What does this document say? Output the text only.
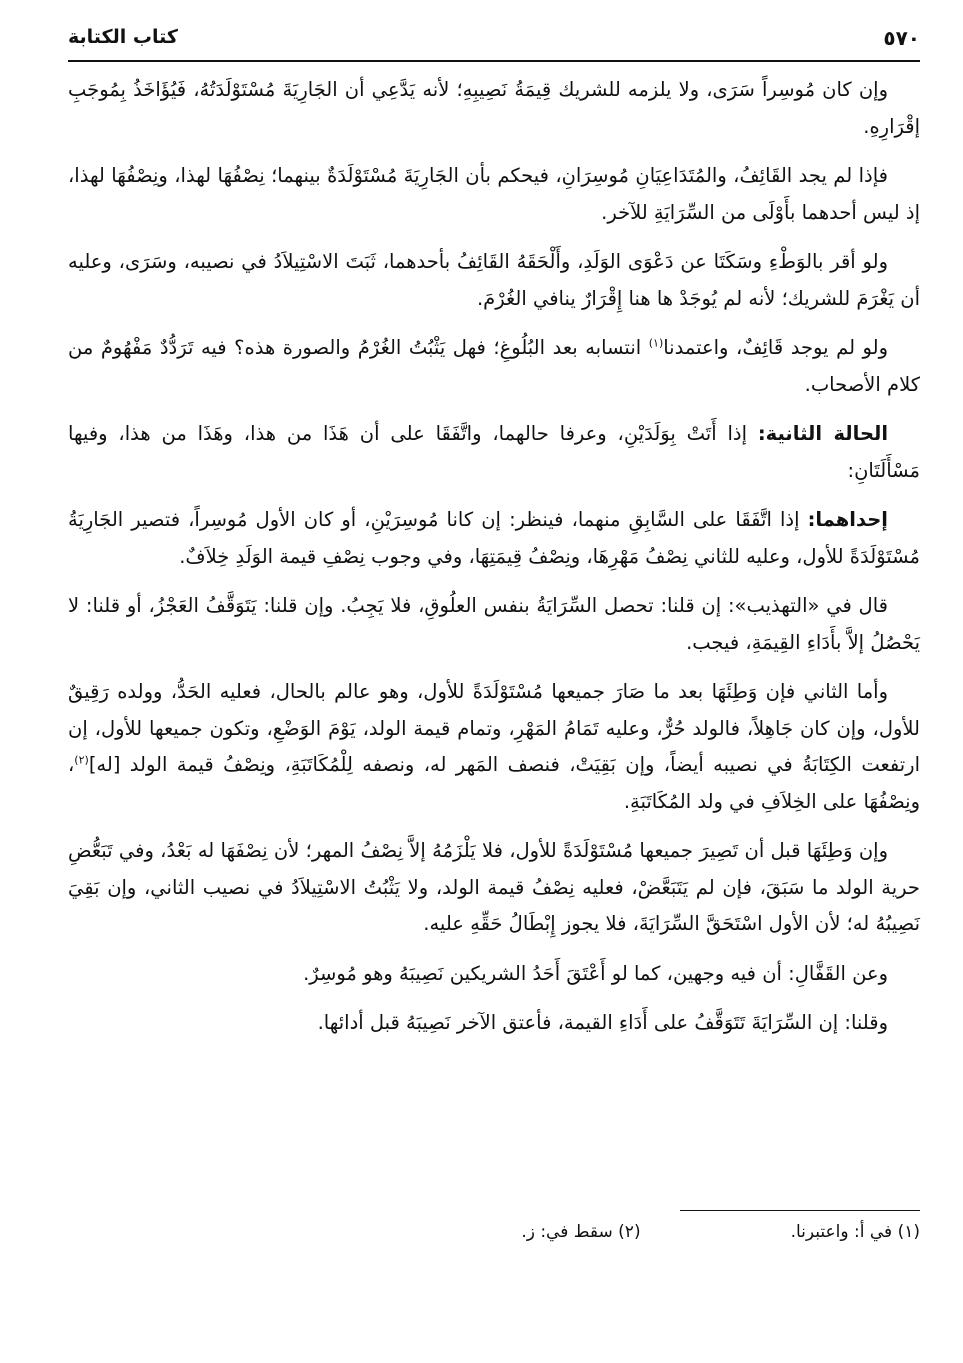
٥٧٠
كتاب الكتابة

وإن كان مُوسِراً سَرَى، ولا يلزمه للشريك قِيمَةُ نَصِيبِهِ؛ لأنه يَدَّعِي أن الجَارِيَةَ مُسْتَوْلَدَتُهُ، فَيُؤَاخَذُ بِمُوجَبِ إقْرَارِهِ.

فإذا لم يجد القَائِفُ، والمُتَدَاعِيَانِ مُوسِرَانِ، فيحكم بأن الجَارِيَةَ مُسْتَوْلَدَةٌ بينهما؛ نِصْفُهَا لهذا، ونِصْفُهَا لهذا، إذ ليس أحدهما بأَوْلَى من السِّرَايَةِ للآخر.

ولو أقر بالوَطْءِ وسَكَتَا عن دَعْوَى الوَلَدِ، وأَلْحَقَهُ القَائِفُ بأحدهما، ثَبَتَ الاسْتِيلاَدُ في نصيبه، وسَرَى، وعليه أن يَغْرَمَ للشريك؛ لأنه لم يُوجَدْ ها هنا إِقْرَارٌ ينافي الغُرْمَ.

ولو لم يوجد قَائِفٌ، واعتمدنا$^{(١)}$ انتسابه بعد البُلُوغِ؛ فهل يَثْبُتُ الغُرْمُ والصورة هذه؟ فيه تَرَدُّدٌ مَفْهُومٌ من كلام الأصحاب.

الحالة الثانية: إذا أَتَتْ بِوَلَدَيْنِ، وعرفا حالهما، واتَّفَقَا على أن هَذَا من هذا، وهَذَا من هذا، وفيها مَسْأَلَتَانِ:

إحداهما: إذا اتَّفَقَا على السَّابِقِ منهما، فينظر: إن كانا مُوسِرَيْنِ، أو كان الأول مُوسِراً، فتصير الجَارِيَةُ مُسْتَوْلَدَةً للأول، وعليه للثاني نِصْفُ مَهْرِهَا، ونِصْفُ قِيمَتِهَا، وفي وجوب نِصْفِ قيمة الوَلَدِ خِلاَفٌ.

قال في «التهذيب»: إن قلنا: تحصل السِّرَايَةُ بنفس العلُوقِ، فلا يَجِبُ. وإن قلنا: يَتَوَقَّفُ العَجْزُ، أو قلنا: لا يَحْصُلُ إلاَّ بأَدَاءِ القِيمَةِ، فيجب.

وأما الثاني فإن وَطِئَهَا بعد ما صَارَ جميعها مُسْتَوْلَدَةً للأول، وهو عالم بالحال، فعليه الحَدُّ، وولده رَقِيقٌ للأول، وإن كان جَاهِلاً، فالولد حُرٌّ، وعليه تَمَامُ المَهْرِ، وتمام قيمة الولد، يَوْمَ الوَضْعِ، وتكون جميعها للأول، إن ارتفعت الكِتَابَةُ في نصيبه أيضاً، وإن بَقِيَتْ، فنصف المَهر له، ونصفه لِلْمُكَاتَبَةِ، ونِصْفُ قيمة الولد [له]$^{(٢)}$، ونِصْفُهَا على الخِلاَفِ في ولد المُكَاتَبَةِ.

وإن وَطِئَهَا قبل أن تَصِيرَ جميعها مُسْتَوْلَدَةً للأول، فلا يَلْزَمُهُ إلاَّ نِصْفُ المهر؛ لأن نِصْفَهَا له بَعْدُ، وفي تَبَعُّضِ حرية الولد ما سَبَقَ، فإن لم يَتَبَعَّضْ، فعليه نِصْفُ قيمة الولد، ولا يَثْبُتُ الاسْتِيلاَدُ في نصيب الثاني، وإن بَقِيَ نَصِيبُهُ له؛ لأن الأول اسْتَحَقَّ السِّرَايَةَ، فلا يجوز إِبْطَالُ حَقِّهِ عليه.

وعن القَفَّالِ: أن فيه وجهين، كما لو أَعْتَقَ أَحَدُ الشريكين نَصِيبَهُ وهو مُوسِرٌ.

وقلنا: إن السِّرَايَةَ تَتَوَقَّفُ على أَدَاءِ القيمة، فأعتق الآخر نَصِيبَهُ قبل أدائها.

(١) في أ: واعتبرنا.
(٢) سقط في: ز.
